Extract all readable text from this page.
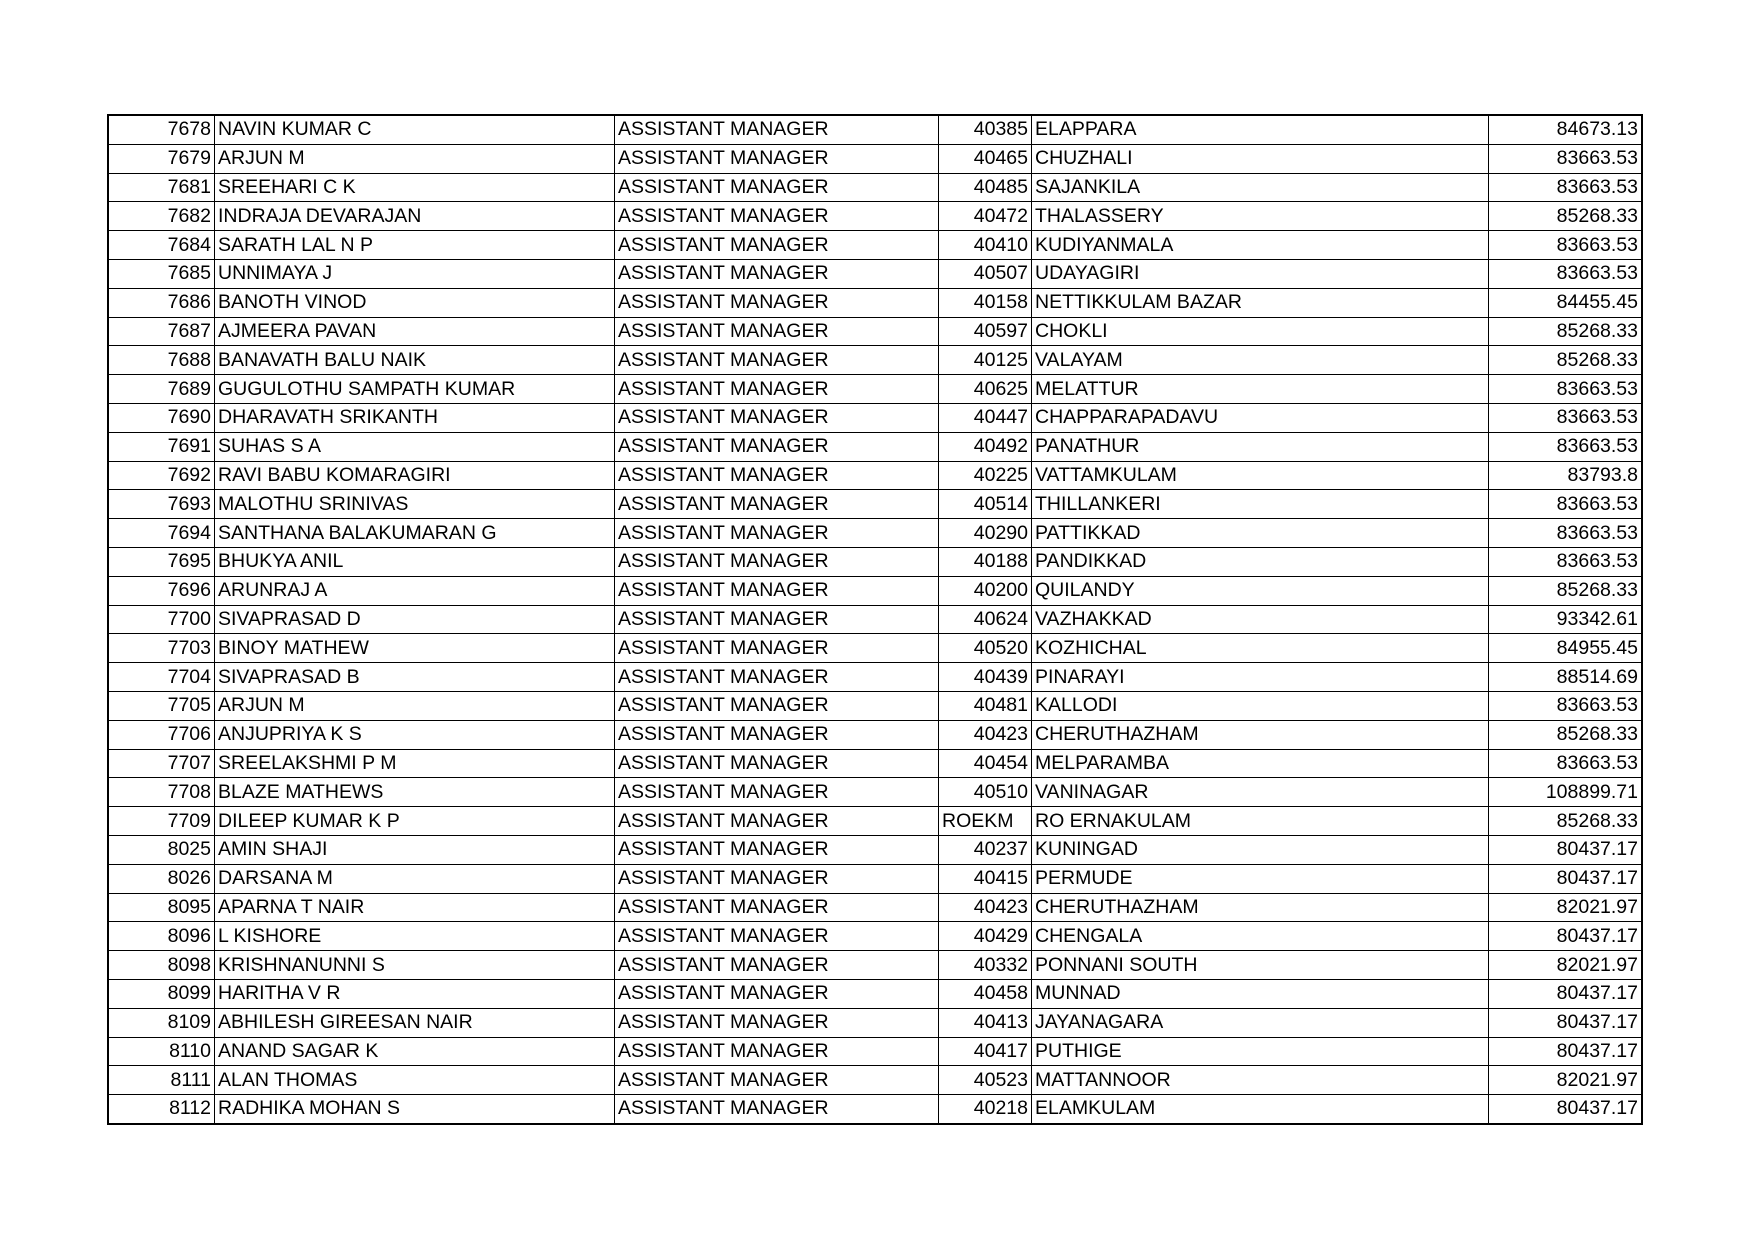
7678	NAVIN KUMAR C	ASSISTANT MANAGER	40385	ELAPPARA	84673.13
7679	ARJUN M	ASSISTANT MANAGER	40465	CHUZHALI	83663.53
7681	SREEHARI C K	ASSISTANT MANAGER	40485	SAJANKILA	83663.53
7682	INDRAJA DEVARAJAN	ASSISTANT MANAGER	40472	THALASSERY	85268.33
7684	SARATH LAL N P	ASSISTANT MANAGER	40410	KUDIYANMALA	83663.53
7685	UNNIMAYA J	ASSISTANT MANAGER	40507	UDAYAGIRI	83663.53
7686	BANOTH VINOD	ASSISTANT MANAGER	40158	NETTIKKULAM BAZAR	84455.45
7687	AJMEERA PAVAN	ASSISTANT MANAGER	40597	CHOKLI	85268.33
7688	BANAVATH BALU NAIK	ASSISTANT MANAGER	40125	VALAYAM	85268.33
7689	GUGULOTHU SAMPATH KUMAR	ASSISTANT MANAGER	40625	MELATTUR	83663.53
7690	DHARAVATH SRIKANTH	ASSISTANT MANAGER	40447	CHAPPARAPADAVU	83663.53
7691	SUHAS S A	ASSISTANT MANAGER	40492	PANATHUR	83663.53
7692	RAVI BABU KOMARAGIRI	ASSISTANT MANAGER	40225	VATTAMKULAM	83793.8
7693	MALOTHU SRINIVAS	ASSISTANT MANAGER	40514	THILLANKERI	83663.53
7694	SANTHANA BALAKUMARAN G	ASSISTANT MANAGER	40290	PATTIKKAD	83663.53
7695	BHUKYA ANIL	ASSISTANT MANAGER	40188	PANDIKKAD	83663.53
7696	ARUNRAJ A	ASSISTANT MANAGER	40200	QUILANDY	85268.33
7700	SIVAPRASAD D	ASSISTANT MANAGER	40624	VAZHAKKAD	93342.61
7703	BINOY MATHEW	ASSISTANT MANAGER	40520	KOZHICHAL	84955.45
7704	SIVAPRASAD B	ASSISTANT MANAGER	40439	PINARAYI	88514.69
7705	ARJUN M	ASSISTANT MANAGER	40481	KALLODI	83663.53
7706	ANJUPRIYA K S	ASSISTANT MANAGER	40423	CHERUTHAZHAM	85268.33
7707	SREELAKSHMI P M	ASSISTANT MANAGER	40454	MELPARAMBA	83663.53
7708	BLAZE MATHEWS	ASSISTANT MANAGER	40510	VANINAGAR	108899.71
7709	DILEEP KUMAR K P	ASSISTANT MANAGER	ROEKM	RO ERNAKULAM	85268.33
8025	AMIN SHAJI	ASSISTANT MANAGER	40237	KUNINGAD	80437.17
8026	DARSANA M	ASSISTANT MANAGER	40415	PERMUDE	80437.17
8095	APARNA T NAIR	ASSISTANT MANAGER	40423	CHERUTHAZHAM	82021.97
8096	L KISHORE	ASSISTANT MANAGER	40429	CHENGALA	80437.17
8098	KRISHNANUNNI S	ASSISTANT MANAGER	40332	PONNANI SOUTH	82021.97
8099	HARITHA V R	ASSISTANT MANAGER	40458	MUNNAD	80437.17
8109	ABHILESH GIREESAN NAIR	ASSISTANT MANAGER	40413	JAYANAGARA	80437.17
8110	ANAND SAGAR K	ASSISTANT MANAGER	40417	PUTHIGE	80437.17
8111	ALAN THOMAS	ASSISTANT MANAGER	40523	MATTANNOOR	82021.97
8112	RADHIKA MOHAN S	ASSISTANT MANAGER	40218	ELAMKULAM	80437.17
